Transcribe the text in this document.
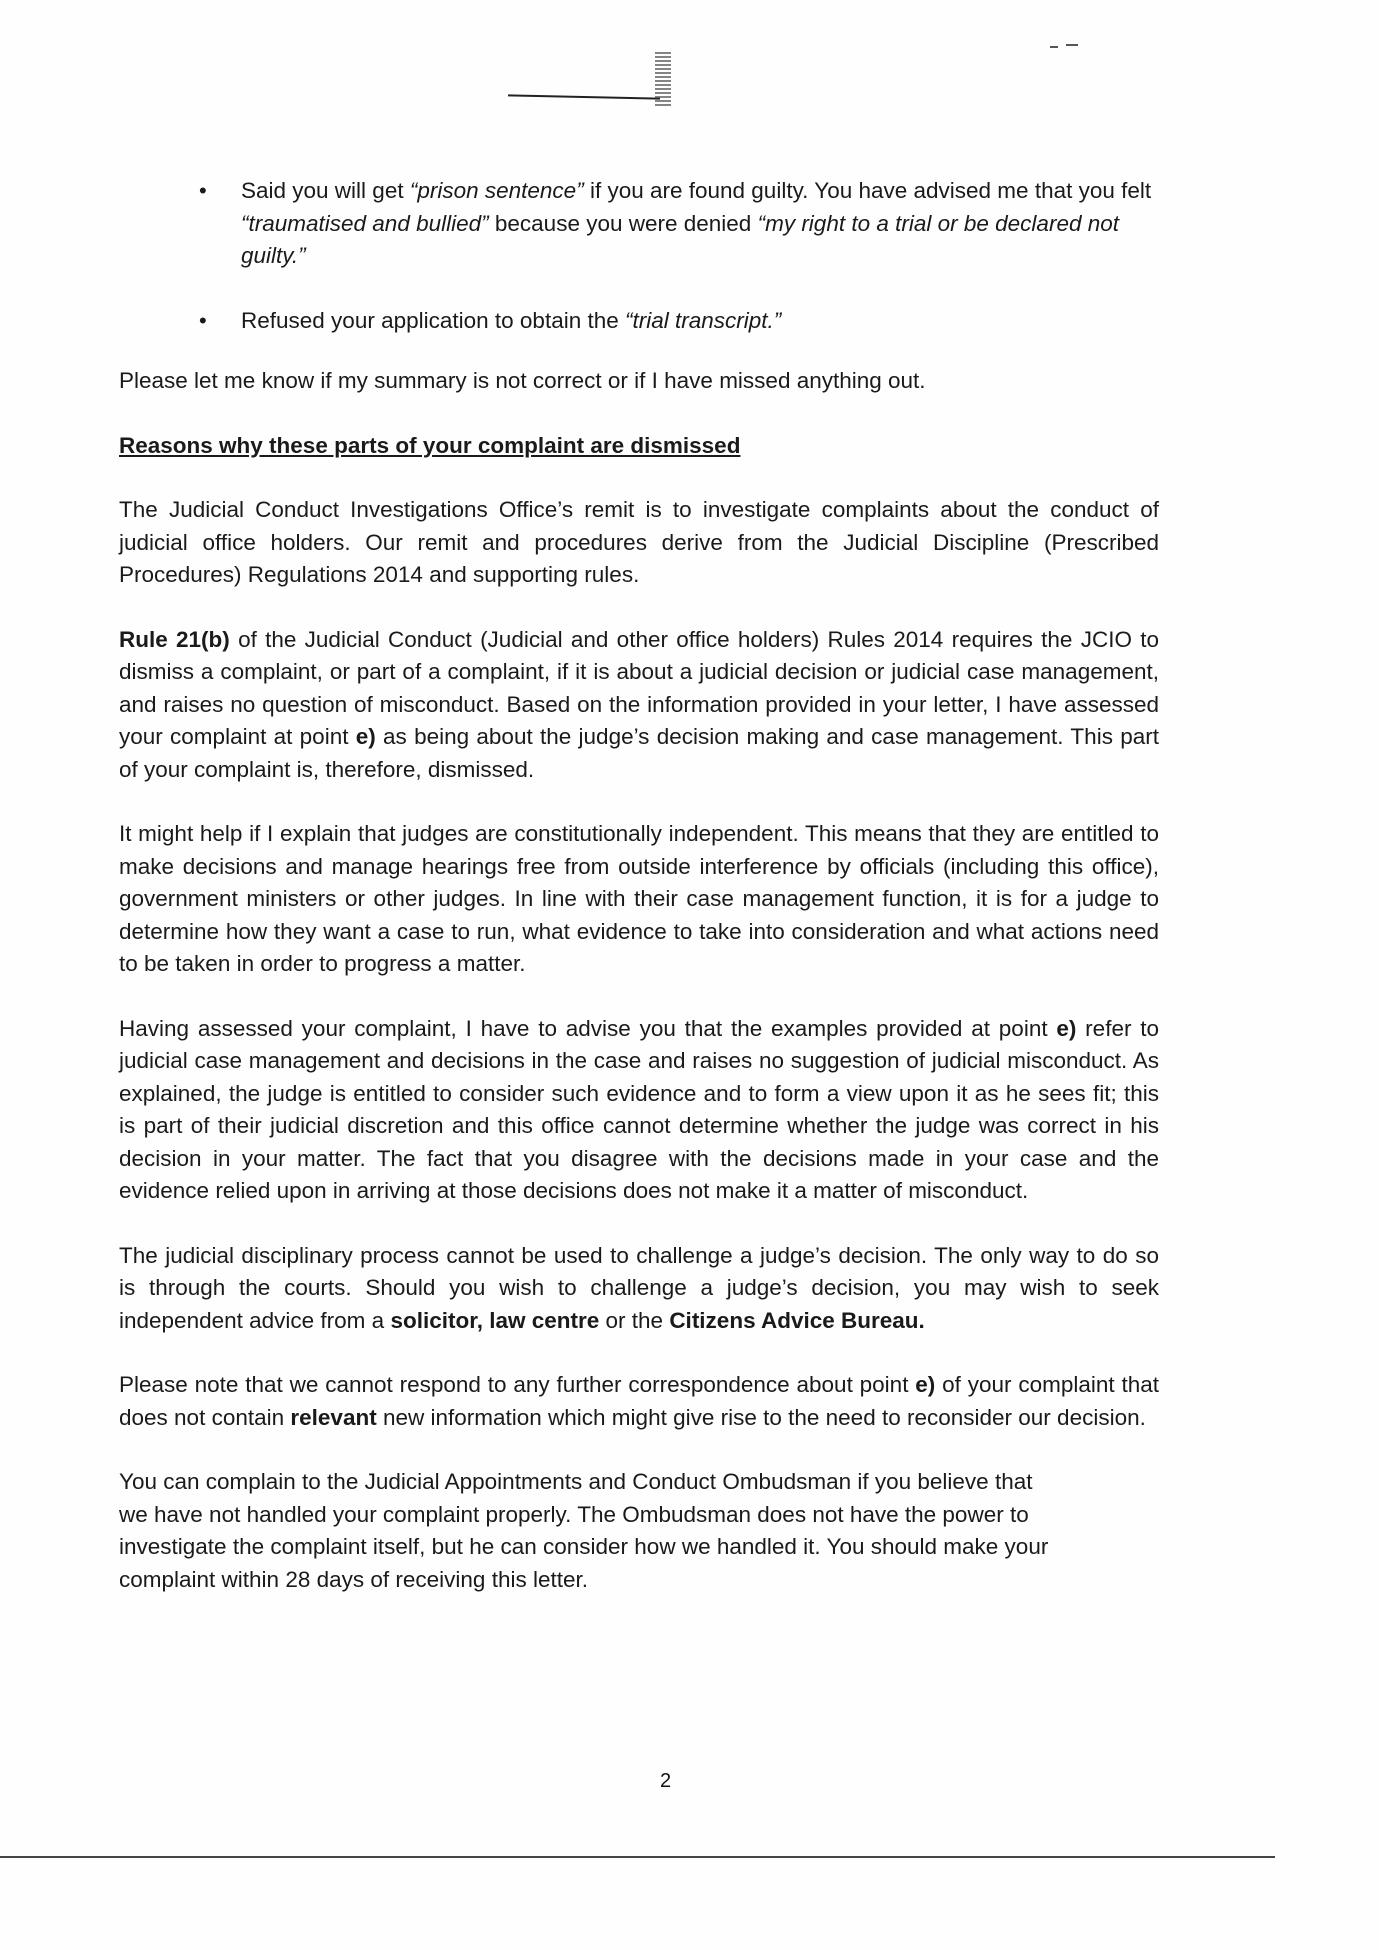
• Said you will get “prison sentence” if you are found guilty. You have advised me that you felt “traumatised and bullied” because you were denied “my right to a trial or be declared not guilty.”

• Refused your application to obtain the “trial transcript.”

Please let me know if my summary is not correct or if I have missed anything out.

Reasons why these parts of your complaint are dismissed

The Judicial Conduct Investigations Office’s remit is to investigate complaints about the conduct of judicial office holders. Our remit and procedures derive from the Judicial Discipline (Prescribed Procedures) Regulations 2014 and supporting rules.

Rule 21(b) of the Judicial Conduct (Judicial and other office holders) Rules 2014 requires the JCIO to dismiss a complaint, or part of a complaint, if it is about a judicial decision or judicial case management, and raises no question of misconduct. Based on the information provided in your letter, I have assessed your complaint at point e) as being about the judge’s decision making and case management. This part of your complaint is, therefore, dismissed.

It might help if I explain that judges are constitutionally independent. This means that they are entitled to make decisions and manage hearings free from outside interference by officials (including this office), government ministers or other judges. In line with their case management function, it is for a judge to determine how they want a case to run, what evidence to take into consideration and what actions need to be taken in order to progress a matter.

Having assessed your complaint, I have to advise you that the examples provided at point e) refer to judicial case management and decisions in the case and raises no suggestion of judicial misconduct. As explained, the judge is entitled to consider such evidence and to form a view upon it as he sees fit; this is part of their judicial discretion and this office cannot determine whether the judge was correct in his decision in your matter. The fact that you disagree with the decisions made in your case and the evidence relied upon in arriving at those decisions does not make it a matter of misconduct.

The judicial disciplinary process cannot be used to challenge a judge’s decision. The only way to do so is through the courts. Should you wish to challenge a judge’s decision, you may wish to seek independent advice from a solicitor, law centre or the Citizens Advice Bureau.

Please note that we cannot respond to any further correspondence about point e) of your complaint that does not contain relevant new information which might give rise to the need to reconsider our decision.

You can complain to the Judicial Appointments and Conduct Ombudsman if you believe that we have not handled your complaint properly. The Ombudsman does not have the power to investigate the complaint itself, but he can consider how we handled it. You should make your complaint within 28 days of receiving this letter.

2
